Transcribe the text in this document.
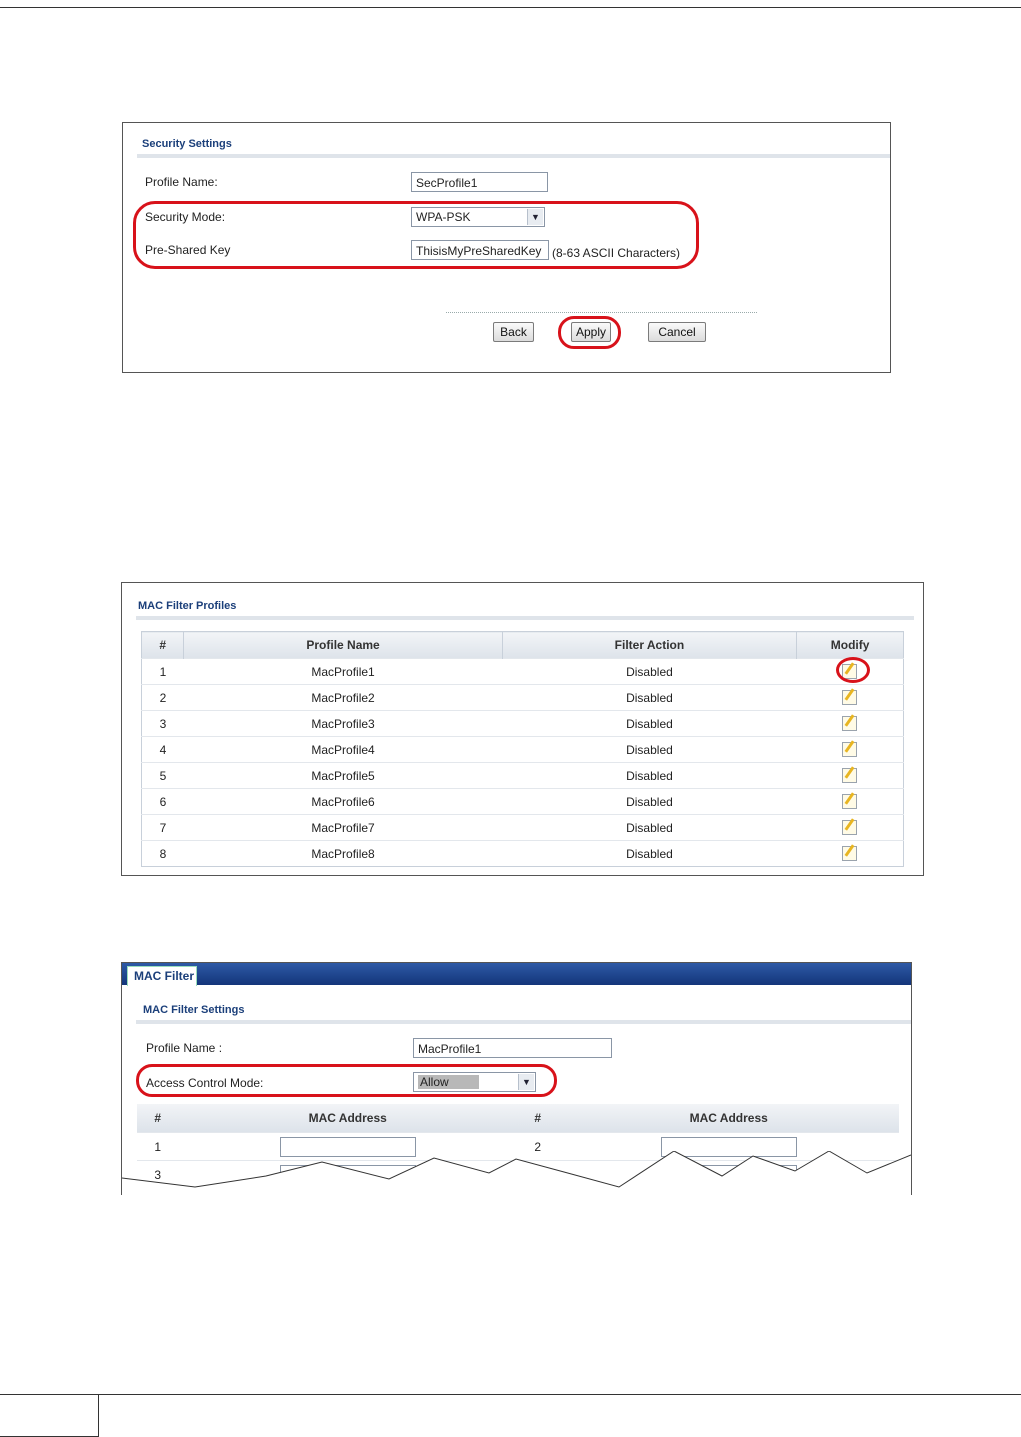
Security Settings
Profile Name:	SecProfile1
Security Mode:	WPA-PSK	▼
Pre-Shared Key	ThisisMyPreSharedKey (8-63 ASCII Characters)
Back	Apply	Cancel
MAC Filter Profiles
#	Profile Name	Filter Action	Modify
1	MacProfile1	Disabled	
2	MacProfile2	Disabled	
3	MacProfile3	Disabled	
4	MacProfile4	Disabled	
5	MacProfile5	Disabled	
6	MacProfile6	Disabled	
7	MacProfile7	Disabled	
8	MacProfile8	Disabled	
MAC Filter
MAC Filter Settings
Profile Name :	MacProfile1
Access Control Mode:	Allow	▼
#	MAC Address	#	MAC Address
1		2	
3			
